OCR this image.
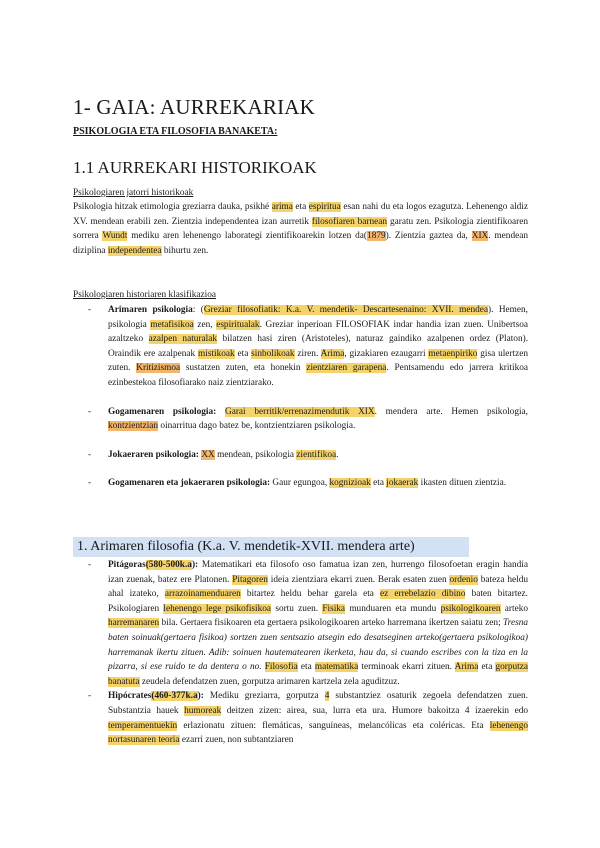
1- GAIA: AURREKARIAK
PSIKOLOGIA ETA FILOSOFIA BANAKETA:
1.1 AURREKARI HISTORIKOAK
Psikologiaren jatorri historikoak
Psikologia hitzak etimologia greziarra dauka, psikhé arima eta espiritua esan nahi du eta logos ezagutza. Lehenengo aldiz XV. mendean erabili zen. Zientzia independentea izan aurretik filosofiaren barnean garatu zen. Psikologia zientifikoaren sorrera Wundt mediku aren lehenengo laborategi zientifikoarekin lotzen da(1879). Zientzia gaztea da, XIX. mendean diziplina independentea bihurtu zen.
Psikologiaren historiaren klasifikazioa
- Arimaren psikologia: (Greziar filosofiatik: K.a. V. mendetik- Descartesenaino: XVII. mendea). Hemen, psikologia metafisikoa zen, espiritualak. Greziar inperioan FILOSOFIAK indar handia izan zuen. Unibertsoa azaltzeko azalpen naturalak bilatzen hasi ziren (Aristoteles), naturaz gaindiko azalpenen ordez (Platon). Oraindik ere azalpenak mistikoak eta sinbolikoak ziren. Arima, gizakiaren ezaugarri metaenpiriko gisa ulertzen zuten. Kritizismoa sustatzen zuten, eta honekin zientziaren garapena. Pentsamendu edo jarrera kritikoa ezinbestekoa filosofiarako naiz zientziarako.
- Gogamenaren psikologia: Garai berritik/errenazimendutik XIX. mendera arte. Hemen psikologia, kontzientzian oinarritua dago batez be, kontzientziaren psikologia.
- Jokaeraren psikologia: XX mendean, psikologia zientifikoa.
- Gogamenaren eta jokaeraren psikologia: Gaur egungoa, kognizioak eta jokaerak ikasten dituen zientzia.
1. Arimaren filosofia (K.a. V. mendetik-XVII. mendera arte)
- Pitágoras(580-500k.a): Matematikari eta filosofo oso famatua izan zen, hurrengo filosofoetan eragin handia izan zuenak, batez ere Platonen. Pitagoren ideia zientziara ekarri zuen. Berak esaten zuen ordenio bateza heldu ahal izateko, arrazoinamenduaren bitartez heldu behar garela eta ez errebelazio dibino baten bitartez. Psikologiaren lehenengo lege psikofisikoa sortu zuen. Fisika munduaren eta mundu psikologikoaren arteko harremanaren bila. Gertaera fisikoaren eta gertaera psikologikoaren arteko harremana ikertzen saiatu zen; Tresna baten soinuak(gertaera fisikoa) sortzen zuen sentsazio atsegin edo desatseginen arteko(gertaera psikologikoa) harremanak ikertu zituen. Adib: soinuen hautematearen ikerketa, hau da, si cuando escribes con la tiza en la pizarra, si ese ruido te da dentera o no. Filosofia eta matematika terminoak ekarri zituen. Arima eta gorputza banatuta zeudela defendatzen zuen, gorputza arimaren kartzela zela aguditzuz.
- Hipócrates(460-377k.a): Mediku greziarra, gorputza 4 substantziez osaturik zegoela defendatzen zuen. Substantzia hauek humoreak deitzen zizen: airea, sua, lurra eta ura. Humore bakoitza 4 izaerekin edo temperamentuekin erlazionatu zituen: flemáticas, sanguíneas, melancólicas eta coléricas. Eta lehenengo nortasunaren teoria ezarri zuen, non subtantziaren
